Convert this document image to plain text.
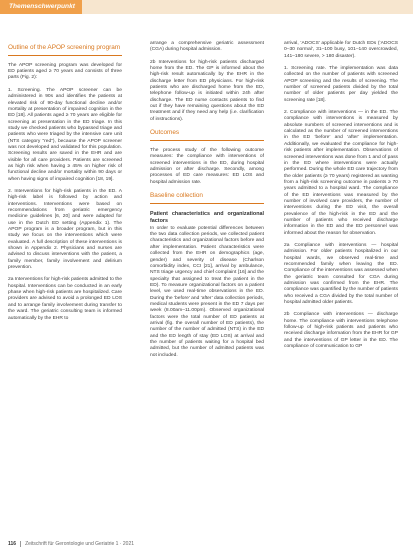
Themenschwerpunkt
Outline of the APOP screening program

The APOP screening program was developed for ED patients aged ≥ 70 years and consists of three parts (Fig. 2):

1. Screening. The APOP screener can be administered in 90s and identifies the patients at elevated risk of 90-day functional decline and/or mortality at presentation of impaired cognition in the ED [18]. All patients aged ≥ 70 years are eligible for screening at presentation in the ED triage. In this study we checked patients who bypassed triage and patients who were triaged by the intensive care unit (NTS category “red”), because the APOP screener was not developed and validated for this population. Screening results are saved in the EHR and are visible for all care providers. Patients are screened as high risk when having ≥ 45% on higher risk of functional decline and/or mortality within 90 days or when having signs of impaired cognition [18, 19].

2. Interventions for high-risk patients in the ED. A high-risk label is followed by action and interventions. Interventions were based on recommendations from geriatric emergency medicine guidelines [6, 20] and were adapted for use in the Dutch ED setting (Appendix 1). The APOP program is a broader program, but in this study we focus on the interventions which were evaluated. A full description of these interventions is shown in Appendix 2. Physicians and nurses are advised to discuss interventions with the patient, a family member, family involvement and delirium prevention.

2a Interventions for high-risk patients admitted to the hospital. Interventions can be conducted in an early phase when high-risk patients are hospitalized. Care providers are advised to avoid a prolonged ED LOS and to arrange family involvement during transfer to the ward. The geriatric consulting team is informed automatically by the EHR to

arrange a comprehensive geriatric assessment (CGA) during hospital admission.

2b Interventions for high-risk patients discharged home from the ED. The GP is informed about the high-risk result automatically by the EHR in the discharge letter from ED physicians. For high-risk patients who are discharged home from the ED, telephone follow-up is initiated within 24h after discharge. The ED nurse contacts patients to find out if they have remaining questions about the ED treatment and if they need any help (i.e. clarification of instructions).

Outcomes

The process study of the following outcome measures: the compliance with interventions of screened interventions in the ED, during hospital admission or after discharge. Secondly, among processes of ED care measures: ED LOS and hospital admission rate.

Baseline collection
Patient characteristics and organizational factors

In order to evaluate potential differences between the two data collection periods, we collected patient characteristics and organizational factors before and after implementation. Patient characteristics were collected from the EHR on demographics (age, gender) and severity of disease (Charlson comorbidity index, CCI [21], arrival by ambulance, NTS triage urgency and chief complaint [16] and the specialty that assigned to treat the patient in the ED). To measure organizational factors on a patient level, we used real-time observations in the ED. During the ‘before’ and ‘after’ data collection periods, medical students were present in the ED 7 days per week (8.00am–11.00pm). Observed organizational factors were the total number of ED patients at arrival (fig. the overall number of ED patients), the number of the number of admitted (NTS) in the ED and the ED length of stay (ED LOS) at arrival and the number of patients waiting for a hospital bed admitted, but the number of admitted patients was not included.

arrival, ‘ADOCS’ applicable for Dutch EDs (‘ADOCS 0–30 normal’, 31–100 busy, 101–140 overcrowded, 141–180 severe, > 180 disaster).

1. Screening rate. The implementation was data collected on the number of patients with screened APOP screening and the results of screening. The number of screened patients divided by the total number of older patients per day yielded the screening rate [18].

2. Compliance with interventions — in the ED. The compliance with interventions is measured by absolute numbers of screened interventions and is calculated as the number of screened interventions in the ED ‘before’ and ‘after’ implementation. Additionally, we evaluated the compliance for high-risk patients after implementation. Observations of screened interventions was done from 1 and of pass in the ED where interventions were actually performed. During the whole ED care trajectory from the older patients (≥ 70 years) registered as wanting from a high-risk screening outcome in patients ≥ 70 years admitted to a hospital ward. The compliance of the ED interventions was measured by the number of involved care providers, the number of interventions during the ED visit, the overall prevalence of the high-risk in the ED and the number of patients who received discharge information in the ED and the ED personnel was informed about the reason for observation.

2a Compliance with interventions — hospital admission. For older patients hospitalized in our hospital wards, we observed real-time and recommended family when leaving the ED. Compliance of the interventions was assessed when the geriatric team consulted for CGA during admission was confirmed from the EHR. The compliance was quantified by the number of patients who received a CGA divided by the total number of hospital admitted older patients.

2b Compliance with interventions — discharge home. The compliance with interventions telephone follow-up of high-risk patients and patients who received discharge information from the EHR for GP and the interventions of GP letter in the ED. The compliance of communication to GP

116	Zeitschrift für Gerontologie und Geriatrie 1 · 2021
